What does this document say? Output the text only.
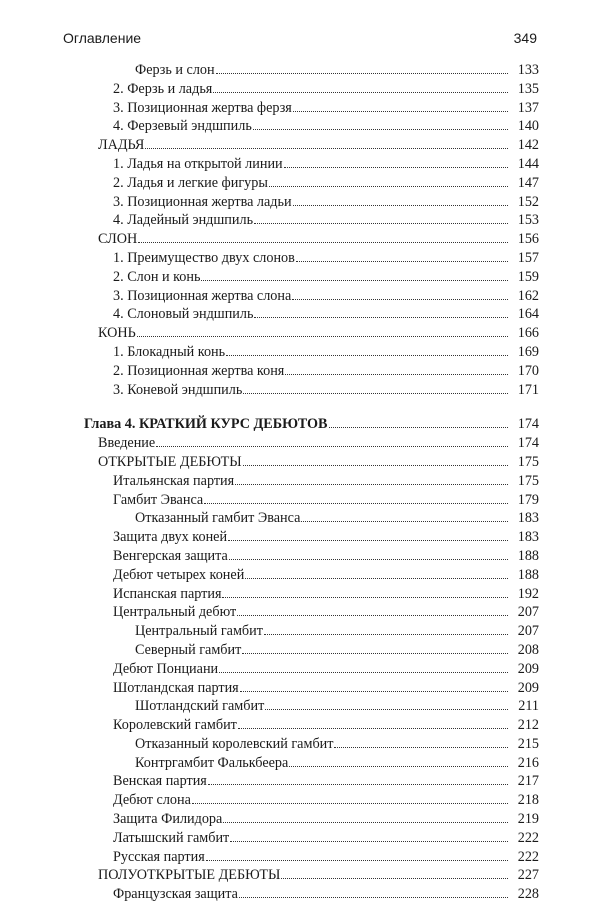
Оглавление	349
Ферзь и слон	133
2. Ферзь и ладья	135
3. Позиционная жертва ферзя	137
4. Ферзевый эндшпиль	140
ЛАДЬЯ	142
1. Ладья на открытой линии	144
2. Ладья и легкие фигуры	147
3. Позиционная жертва ладьи	152
4. Ладейный эндшпиль	153
СЛОН	156
1. Преимущество двух слонов	157
2. Слон и конь	159
3. Позиционная жертва слона	162
4. Слоновый эндшпиль	164
КОНЬ	166
1. Блокадный конь	169
2. Позиционная жертва коня	170
3. Коневой эндшпиль	171
Глава 4. КРАТКИЙ КУРС ДЕБЮТОВ	174
Введение	174
ОТКРЫТЫЕ ДЕБЮТЫ	175
Итальянская партия	175
Гамбит Эванса	179
Отказанный гамбит Эванса	183
Защита двух коней	183
Венгерская защита	188
Дебют четырех коней	188
Испанская партия	192
Центральный дебют	207
Центральный гамбит	207
Северный гамбит	208
Дебют Понциани	209
Шотландская партия	209
Шотландский гамбит	211
Королевский гамбит	212
Отказанный королевский гамбит	215
Контргамбит Фалькбеера	216
Венская партия	217
Дебют слона	218
Защита Филидора	219
Латышский гамбит	222
Русская партия	222
ПОЛУОТКРЫТЫЕ ДЕБЮТЫ	227
Французская защита	228
